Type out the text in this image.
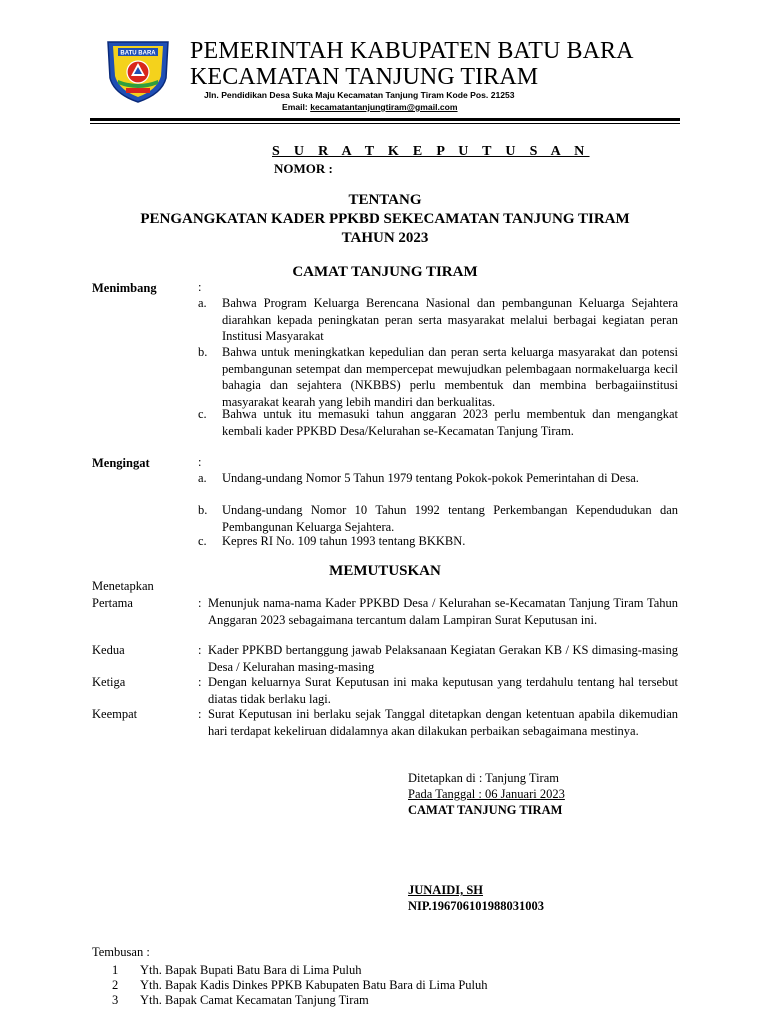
BATU BARA PEMERINTAH KABUPATEN BATU BARA
KECAMATAN TANJUNG TIRAM
Jln. Pendidikan Desa Suka Maju Kecamatan Tanjung Tiram Kode Pos. 21253
Email: kecamatantanjungtiram@gmail.com
S U R A T K E P U T U S A N
NOMOR :
TENTANG
PENGANGKATAN KADER PPKBD SEKECAMATAN TANJUNG TIRAM
TAHUN 2023
CAMAT TANJUNG TIRAM
Menimbang	:
a. Bahwa Program Keluarga Berencana Nasional dan pembangunan Keluarga Sejahtera diarahkan kepada peningkatan peran serta masyarakat melalui berbagai kegiatan peran Institusi Masyarakat
b. Bahwa untuk meningkatkan kepedulian dan peran serta keluarga masyarakat dan potensi pembangunan setempat dan mempercepat mewujudkan pelembagaan normakeluarga kecil bahagia dan sejahtera (NKBBS) perlu membentuk dan membina berbagaiinstitusi masyarakat kearah yang lebih mandiri dan berkualitas.
c. Bahwa untuk itu memasuki tahun anggaran 2023 perlu membentuk dan mengangkat kembali kader PPKBD Desa/Kelurahan se-Kecamatan Tanjung Tiram.
Mengingat	:
a. Undang-undang Nomor 5 Tahun 1979 tentang Pokok-pokok Pemerintahan di Desa.
b. Undang-undang Nomor 10 Tahun 1992 tentang Perkembangan Kependudukan dan Pembangunan Keluarga Sejahtera.
c. Kepres RI No. 109 tahun 1993 tentang BKKBN.
MEMUTUSKAN
Menetapkan
Pertama	: Menunjuk nama-nama Kader PPKBD Desa / Kelurahan se-Kecamatan Tanjung Tiram Tahun Anggaran 2023 sebagaimana tercantum dalam Lampiran Surat Keputusan ini.
Kedua	: Kader PPKBD bertanggung jawab Pelaksanaan Kegiatan Gerakan KB / KS dimasing-masing Desa / Kelurahan masing-masing
Ketiga	: Dengan keluarnya Surat Keputusan ini maka keputusan yang terdahulu tentang hal tersebut diatas tidak berlaku lagi.
Keempat	: Surat Keputusan ini berlaku sejak Tanggal ditetapkan dengan ketentuan apabila dikemudian hari terdapat kekeliruan didalamnya akan dilakukan perbaikan sebagaimana mestinya.
Ditetapkan di : Tanjung Tiram
Pada Tanggal : 06 Januari 2023
CAMAT TANJUNG TIRAM
JUNAIDI, SH
NIP.196706101988031003
Tembusan :
1 Yth. Bapak Bupati Batu Bara di Lima Puluh
2 Yth. Bapak Kadis Dinkes PPKB Kabupaten Batu Bara di Lima Puluh
3 Yth. Bapak Camat Kecamatan Tanjung Tiram
